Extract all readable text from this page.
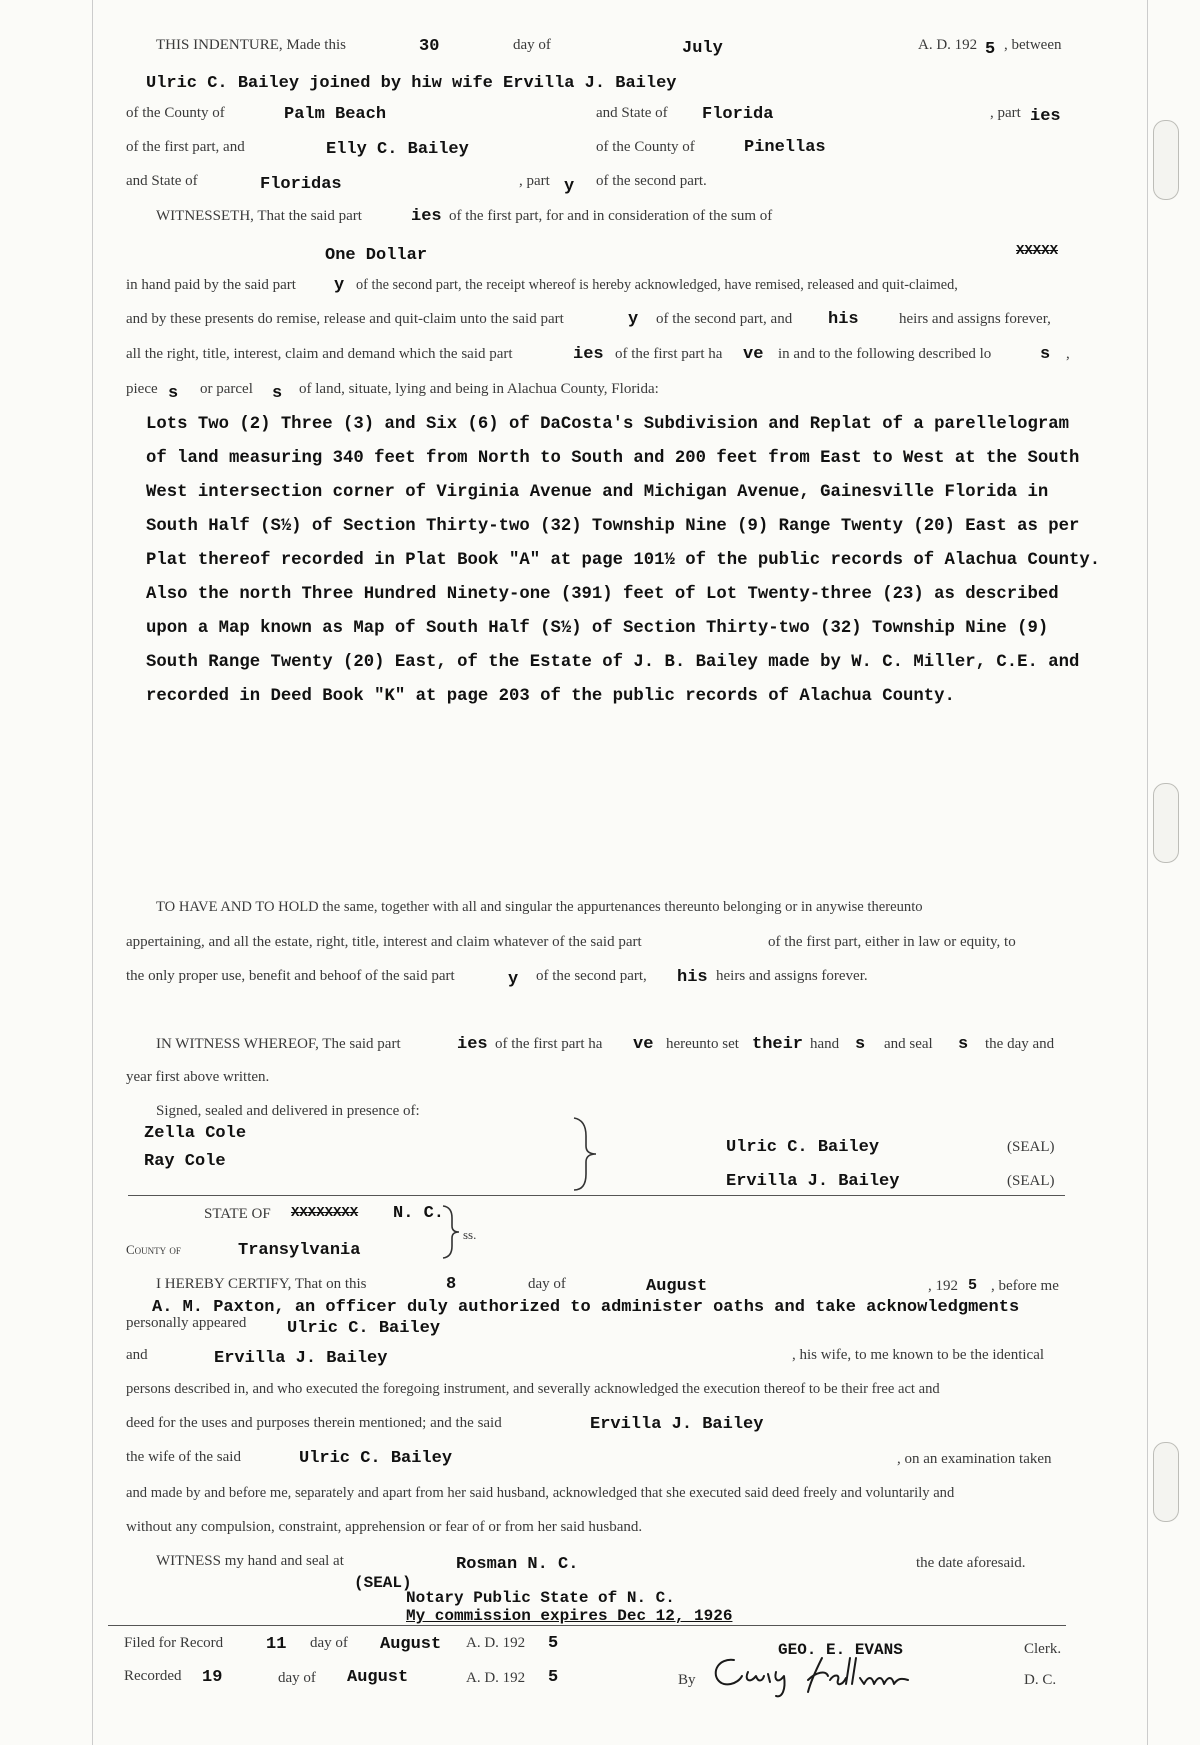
THIS INDENTURE, Made this	30	day of	July	A. D. 192 5 , between
Ulric C. Bailey joined by hiw wife Ervilla J. Bailey
of the County of	Palm Beach	and State of Florida	, part ies
of the first part, and	Elly C. Bailey	of the County of	Pinellas
and State of	Floridas	, part y of the second part.
WITNESSETH, That the said part	ies of the first part, for and in consideration of the sum of
One Dollar	XXXXX
in hand paid by the said part y of the second part, the receipt whereof is hereby acknowledged, have remised, released and quit-claimed,
and by these presents do remise, release and quit-claim unto the said part	y of the second part, and his	heirs and assigns forever,
all the right, title, interest, claim and demand which the said part	ies of the first part ha ve in and to the following described lo	s ,
piece s or parcel s of land, situate, lying and being in Alachua County, Florida:
Lots Two (2) Three (3) and Six (6) of DaCosta's Subdivision and Replat of a parellelogram
of land measuring 340 feet from North to South and 200 feet from East to West at the South
West intersection corner of Virginia Avenue and Michigan Avenue, Gainesville Florida in
South Half (S½) of Section Thirty-two (32) Township Nine (9) Range Twenty (20) East as per
Plat thereof recorded in Plat Book "A" at page 101½ of the public records of Alachua County.
Also the north Three Hundred Ninety-one (391) feet of Lot Twenty-three (23) as described
upon a Map known as Map of South Half (S½) of Section Thirty-two (32) Township Nine (9)
South Range Twenty (20) East, of the Estate of J. B. Bailey made by W. C. Miller, C.E. and
recorded in Deed Book "K" at page 203 of the public records of Alachua County.
TO HAVE AND TO HOLD the same, together with all and singular the appurtenances thereunto belonging or in anywise thereunto
appertaining, and all the estate, right, title, interest and claim whatever of the said part	of the first part, either in law or equity, to
the only proper use, benefit and behoof of the said part	y of the second part, his heirs and assigns forever.
IN WITNESS WHEREOF, The said part	ies of the first part ha ve hereunto set their hand s and seal s the day and
year first above written.
Signed, sealed and delivered in presence of:
Zella Cole
Ray Cole
Ulric C. Bailey	(SEAL)
Ervilla J. Bailey	(SEAL)
STATE OF XXXXXXXX N. C.
ss.
County of	Transylvania
I HEREBY CERTIFY, That on this	8	day of	August	, 192 5 , before me
A. M. Paxton, an officer duly authorized to administer oaths and take acknowledgments
personally appeared Ulric C. Bailey
and	Ervilla J. Bailey	, his wife, to me known to be the identical
persons described in, and who executed the foregoing instrument, and severally acknowledged the execution thereof to be their free act and
deed for the uses and purposes therein mentioned; and the said	Ervilla J. Bailey
the wife of the said	Ulric C. Bailey	, on an examination taken
and made by and before me, separately and apart from her said husband, acknowledged that she executed said deed freely and voluntarily and
without any compulsion, constraint, apprehension or fear of or from her said husband.
WITNESS my hand and seal at	Rosman N. C.	the date aforesaid.
(SEAL)
Notary Public State of N. C.
My commission expires Dec 12, 1926
Filed for Record	11 day of August A. D. 192 5	GEO. E. EVANS	Clerk.
Recorded 19	day of August	A. D. 192 5	By	D. C.
